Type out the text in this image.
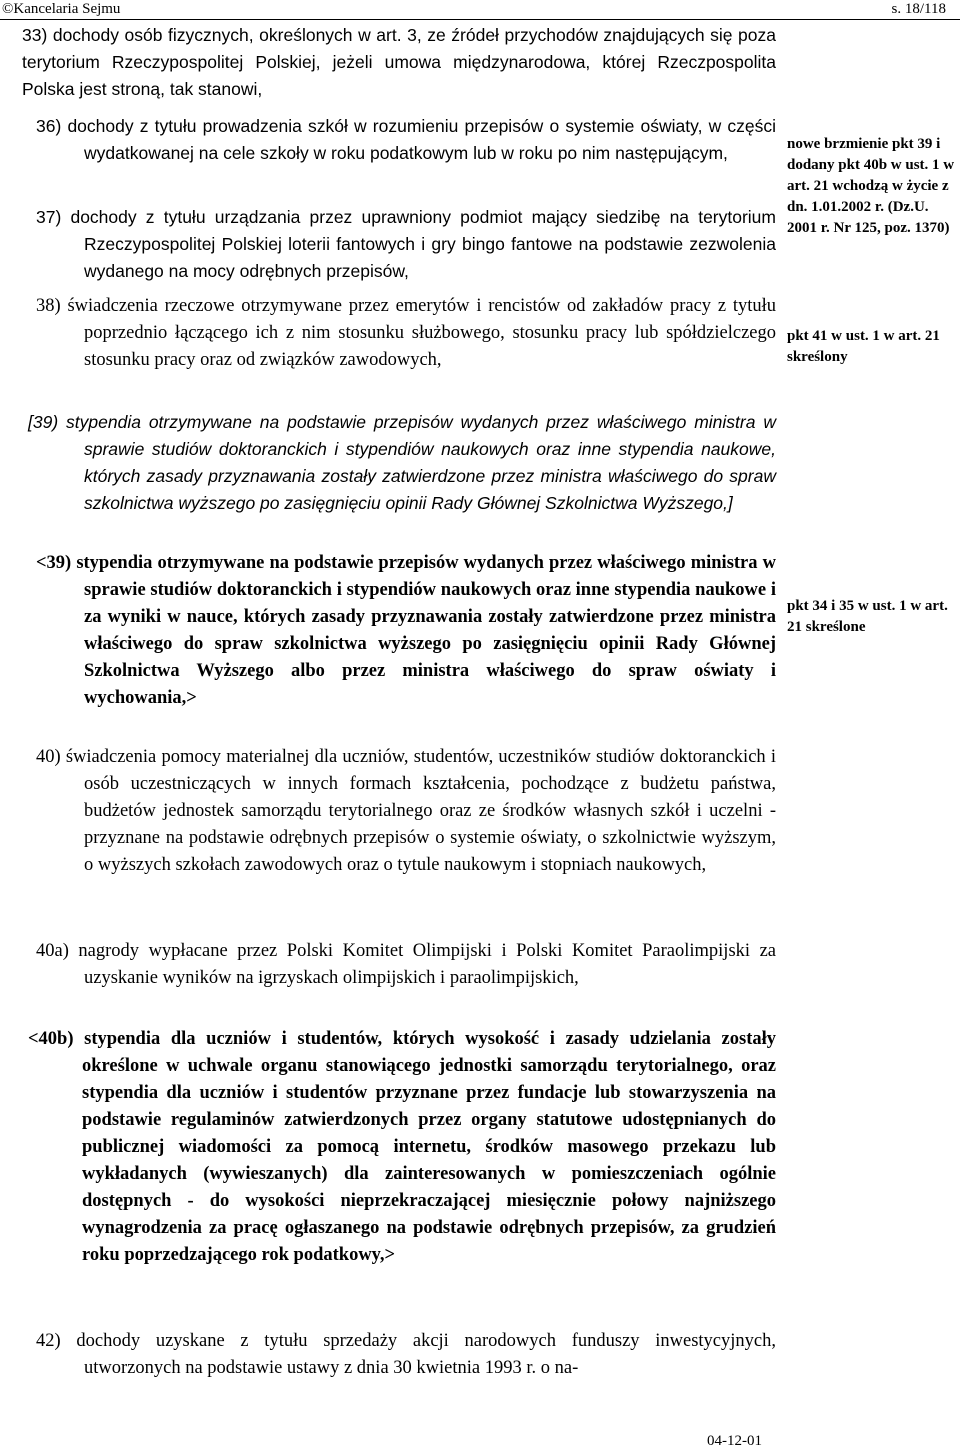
©Kancelaria Sejmu	s. 18/118

33) dochody osób fizycznych, określonych w art. 3, ze źródeł przychodów znajdujących się poza terytorium Rzeczypospolitej Polskiej, jeżeli umowa międzynarodowa, której Rzeczpospolita Polska jest stroną, tak stanowi,

36) dochody z tytułu prowadzenia szkół w rozumieniu przepisów o systemie oświaty, w części wydatkowanej na cele szkoły w roku podatkowym lub w roku po nim następującym,

37) dochody z tytułu urządzania przez uprawniony podmiot mający siedzibę na terytorium Rzeczypospolitej Polskiej loterii fantowych i gry bingo fantowe na podstawie zezwolenia wydanego na mocy odrębnych przepisów,

38) świadczenia rzeczowe otrzymywane przez emerytów i rencistów od zakładów pracy z tytułu poprzednio łączącego ich z nim stosunku służbowego, stosunku pracy lub spółdzielczego stosunku pracy oraz od związków zawodowych,

[39) stypendia otrzymywane na podstawie przepisów wydanych przez właściwego ministra w sprawie studiów doktoranckich i stypendiów naukowych oraz inne stypendia naukowe, których zasady przyznawania zostały zatwierdzone przez ministra właściwego do spraw szkolnictwa wyższego po zasięgnięciu opinii Rady Głównej Szkolnictwa Wyższego,]

<39) stypendia otrzymywane na podstawie przepisów wydanych przez właściwego ministra w sprawie studiów doktoranckich i stypendiów naukowych oraz inne stypendia naukowe i za wyniki w nauce, których zasady przyznawania zostały zatwierdzone przez ministra właściwego do spraw szkolnictwa wyższego po zasięgnięciu opinii Rady Głównej Szkolnictwa Wyższego albo przez ministra właściwego do spraw oświaty i wychowania,>

40) świadczenia pomocy materialnej dla uczniów, studentów, uczestników studiów doktoranckich i osób uczestniczących w innych formach kształcenia, pochodzące z budżetu państwa, budżetów jednostek samorządu terytorialnego oraz ze środków własnych szkół i uczelni - przyznane na podstawie odrębnych przepisów o systemie oświaty, o szkolnictwie wyższym, o wyższych szkołach zawodowych oraz o tytule naukowym i stopniach naukowych,

40a) nagrody wypłacane przez Polski Komitet Olimpijski i Polski Komitet Paraolimpijski za uzyskanie wyników na igrzyskach olimpijskich i paraolimpijskich,

<40b) stypendia dla uczniów i studentów, których wysokość i zasady udzielania zostały określone w uchwale organu stanowiącego jednostki samorządu terytorialnego, oraz stypendia dla uczniów i studentów przyznane przez fundacje lub stowarzyszenia na podstawie regulaminów zatwierdzonych przez organy statutowe udostępnianych do publicznej wiadomości za pomocą internetu, środków masowego przekazu lub wykładanych (wywieszanych) dla zainteresowanych w pomieszczeniach ogólnie dostępnych - do wysokości nieprzekraczającej miesięcznie połowy najniższego wynagrodzenia za pracę ogłaszanego na podstawie odrębnych przepisów, za grudzień roku poprzedzającego rok podatkowy,>

42) dochody uzyskane z tytułu sprzedaży akcji narodowych funduszy inwestycyjnych, utworzonych na podstawie ustawy z dnia 30 kwietnia 1993 r. o na-

nowe brzmienie pkt 39 i dodany pkt 40b w ust. 1 w art. 21 wchodzą w życie z dn. 1.01.2002 r. (Dz.U. 2001 r. Nr 125, poz. 1370)
pkt 41 w ust. 1 w art. 21 skreślony
pkt 34 i 35 w ust. 1 w art. 21 skreślone
04-12-01
